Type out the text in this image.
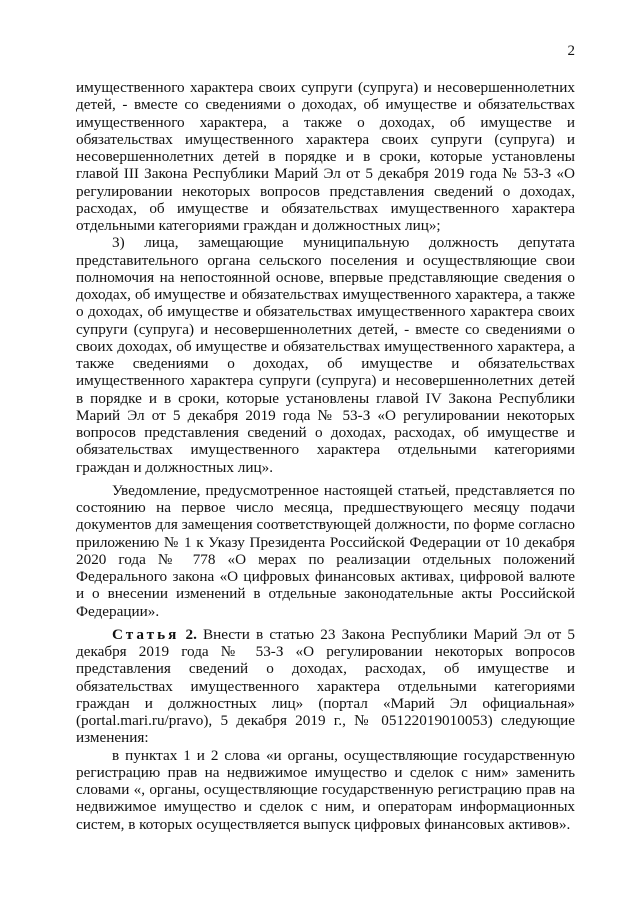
2

имущественного характера своих супруги (супруга) и несовершеннолетних детей, - вместе со сведениями о доходах, об имуществе и обязательствах имущественного характера, а также о доходах, об имуществе и обязательствах имущественного характера своих супруги (супруга) и несовершеннолетних детей в порядке и в сроки, которые установлены главой III Закона Республики Марий Эл от 5 декабря 2019 года № 53-З «О регулировании некоторых вопросов представления сведений о доходах, расходах, об имуществе и обязательствах имущественного характера отдельными категориями граждан и должностных лиц»;

3) лица, замещающие муниципальную должность депутата представительного органа сельского поселения и осуществляющие свои полномочия на непостоянной основе, впервые представляющие сведения о доходах, об имуществе и обязательствах имущественного характера, а также о доходах, об имуществе и обязательствах имущественного характера своих супруги (супруга) и несовершеннолетних детей, - вместе со сведениями о своих доходах, об имуществе и обязательствах имущественного характера, а также сведениями о доходах, об имуществе и обязательствах имущественного характера супруги (супруга) и несовершеннолетних детей в порядке и в сроки, которые установлены главой IV Закона Республики Марий Эл от 5 декабря 2019 года № 53-З «О регулировании некоторых вопросов представления сведений о доходах, расходах, об имуществе и обязательствах имущественного характера отдельными категориями граждан и должностных лиц».

Уведомление, предусмотренное настоящей статьей, представляется по состоянию на первое число месяца, предшествующего месяцу подачи документов для замещения соответствующей должности, по форме согласно приложению № 1 к Указу Президента Российской Федерации от 10 декабря 2020 года № 778 «О мерах по реализации отдельных положений Федерального закона «О цифровых финансовых активах, цифровой валюте и о внесении изменений в отдельные законодательные акты Российской Федерации».

Статья 2. Внести в статью 23 Закона Республики Марий Эл от 5 декабря 2019 года № 53-З «О регулировании некоторых вопросов представления сведений о доходах, расходах, об имуществе и обязательствах имущественного характера отдельными категориями граждан и должностных лиц» (портал «Марий Эл официальная» (portal.mari.ru/pravo), 5 декабря 2019 г., № 05122019010053) следующие изменения:

в пунктах 1 и 2 слова «и органы, осуществляющие государственную регистрацию прав на недвижимое имущество и сделок с ним» заменить словами «, органы, осуществляющие государственную регистрацию прав на недвижимое имущество и сделок с ним, и операторам информационных систем, в которых осуществляется выпуск цифровых финансовых активов».
